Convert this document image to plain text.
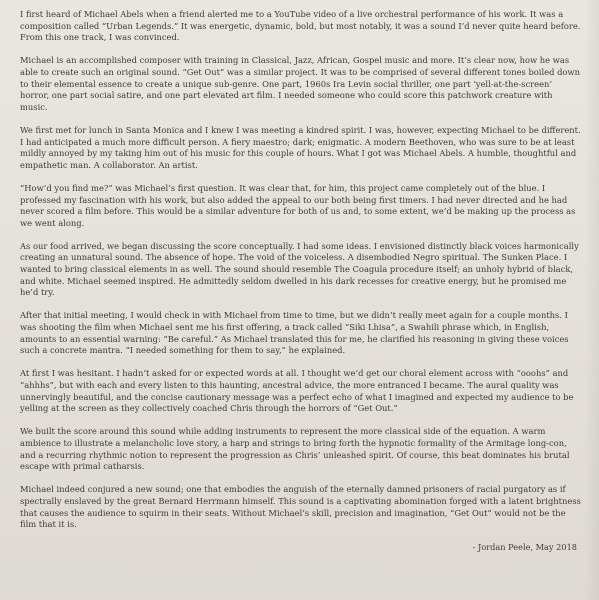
I first heard of Michael Abels when a friend alerted me to a YouTube video of a live orchestral performance of his work. It was a composition called “Urban Legends.” It was energetic, dynamic, bold, but most notably, it was a sound I’d never quite heard before. From this one track, I was convinced.

Michael is an accomplished composer with training in Classical, Jazz, African, Gospel music and more. It’s clear now, how he was able to create such an original sound. “Get Out” was a similar project. It was to be comprised of several different tones boiled down to their elemental essence to create a unique sub-genre. One part, 1960s Ira Levin social thriller, one part ‘yell-at-the-screen’ horror, one part social satire, and one part elevated art film. I needed someone who could score this patchwork creature with music.

We first met for lunch in Santa Monica and I knew I was meeting a kindred spirit. I was, however, expecting Michael to be different. I had anticipated a much more difficult person. A fiery maestro; dark; enigmatic. A modern Beethoven, who was sure to be at least mildly annoyed by my taking him out of his music for this couple of hours. What I got was Michael Abels. A humble, thoughtful and empathetic man. A collaborator. An artist.

“How’d you find me?” was Michael’s first question. It was clear that, for him, this project came completely out of the blue. I professed my fascination with his work, but also added the appeal to our both being first timers. I had never directed and he had never scored a film before. This would be a similar adventure for both of us and, to some extent, we’d be making up the process as we went along.

As our food arrived, we began discussing the score conceptually. I had some ideas. I envisioned distinctly black voices harmonically creating an unnatural sound. The absence of hope. The void of the voiceless. A disembodied Negro spiritual. The Sunken Place. I wanted to bring classical elements in as well. The sound should resemble The Coagula procedure itself; an unholy hybrid of black, and white. Michael seemed inspired. He admittedly seldom dwelled in his dark recesses for creative energy, but he promised me he’d try.

After that initial meeting, I would check in with Michael from time to time, but we didn’t really meet again for a couple months. I was shooting the film when Michael sent me his first offering, a track called “Siki Lhisa”, a Swahili phrase which, in English, amounts to an essential warning: “Be careful.” As Michael translated this for me, he clarified his reasoning in giving these voices such a concrete mantra. “I needed something for them to say,” he explained.

At first I was hesitant. I hadn’t asked for or expected words at all. I thought we’d get our choral element across with “ooohs” and “ahhhs”, but with each and every listen to this haunting, ancestral advice, the more entranced I became. The aural quality was unnervingly beautiful, and the concise cautionary message was a perfect echo of what I imagined and expected my audience to be yelling at the screen as they collectively coached Chris through the horrors of “Get Out.”

We built the score around this sound while adding instruments to represent the more classical side of the equation. A warm ambience to illustrate a melancholic love story, a harp and strings to bring forth the hypnotic formality of the Armitage long-con, and a recurring rhythmic notion to represent the progression as Chris’ unleashed spirit. Of course, this beat dominates his brutal escape with primal catharsis.

Michael indeed conjured a new sound; one that embodies the anguish of the eternally damned prisoners of racial purgatory as if spectrally enslaved by the great Bernard Herrmann himself. This sound is a captivating abomination forged with a latent brightness that causes the audience to squirm in their seats. Without Michael’s skill, precision and imagination, “Get Out” would not be the film that it is.

- Jordan Peele, May 2018
